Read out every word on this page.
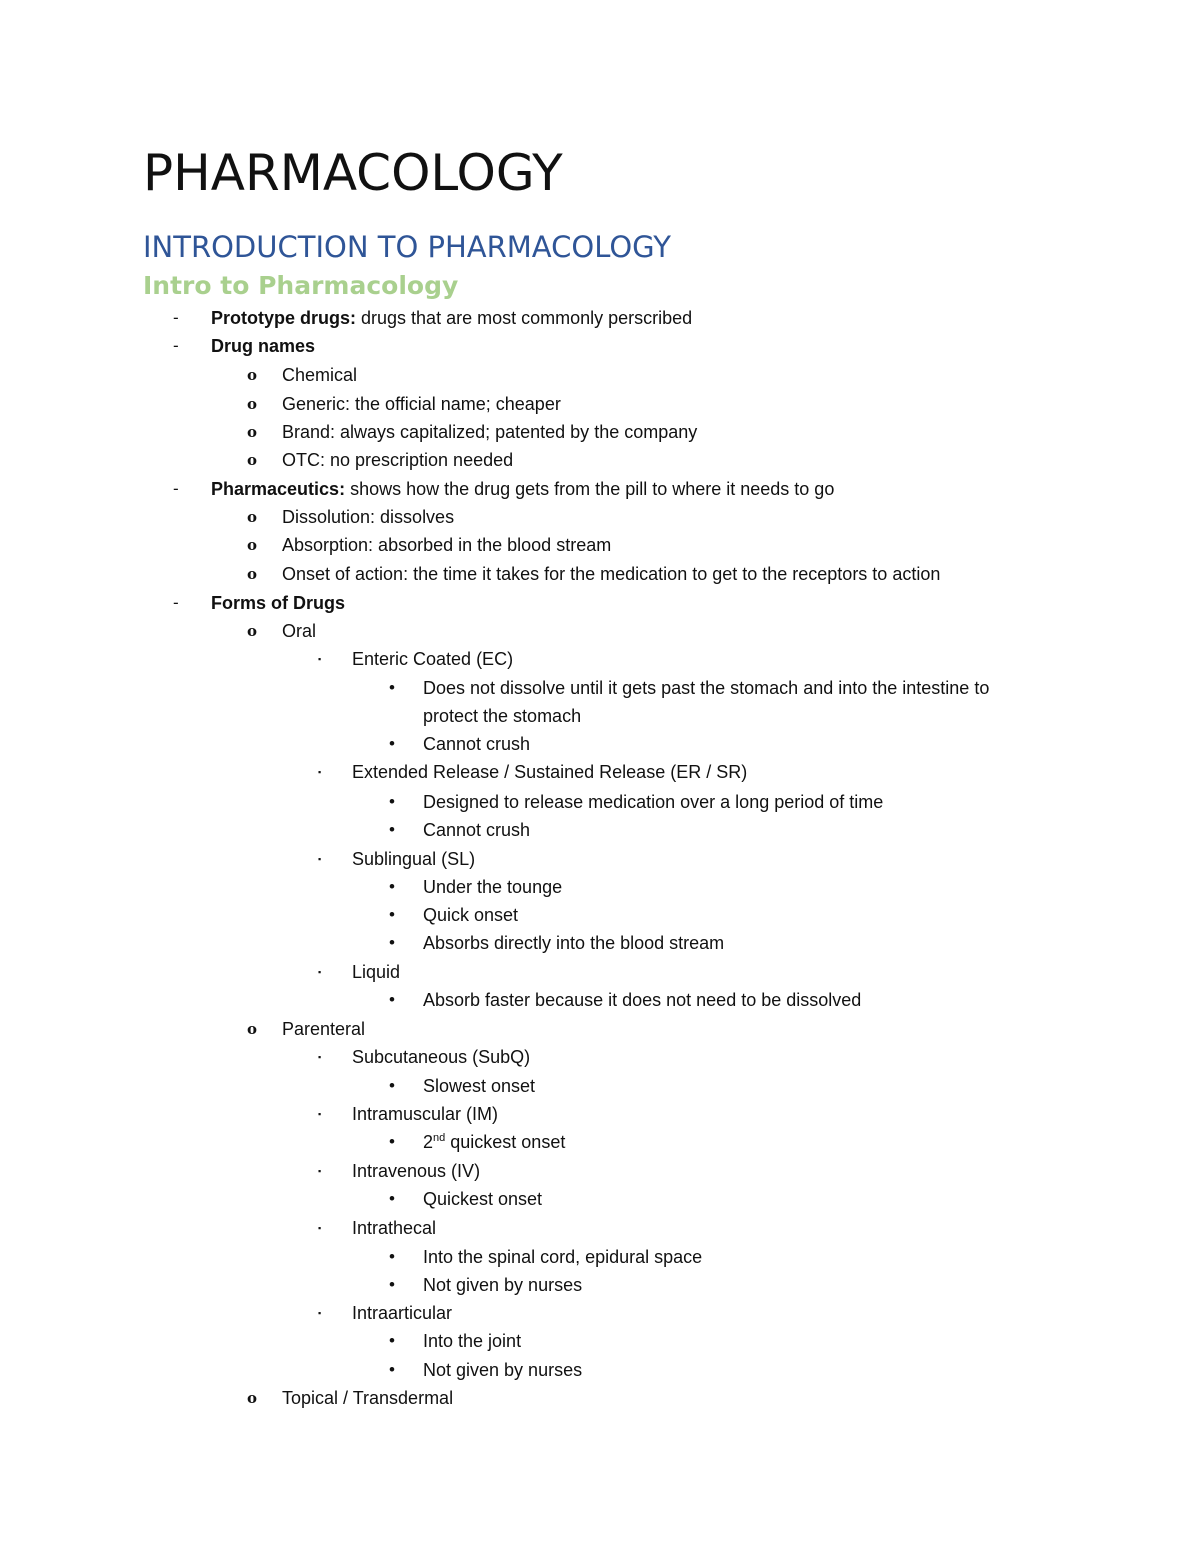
PHARMACOLOGY
INTRODUCTION TO PHARMACOLOGY
Intro to Pharmacology
- Prototype drugs: drugs that are most commonly perscribed
- Drug names
o Chemical
o Generic: the official name; cheaper
o Brand: always capitalized; patented by the company
o OTC: no prescription needed
- Pharmaceutics: shows how the drug gets from the pill to where it needs to go
o Dissolution: dissolves
o Absorption: absorbed in the blood stream
o Onset of action: the time it takes for the medication to get to the receptors to action
- Forms of Drugs
o Oral
▪ Enteric Coated (EC)
• Does not dissolve until it gets past the stomach and into the intestine to
protect the stomach
• Cannot crush
▪ Extended Release / Sustained Release (ER / SR)
• Designed to release medication over a long period of time
• Cannot crush
▪ Sublingual (SL)
• Under the tounge
• Quick onset
• Absorbs directly into the blood stream
▪ Liquid
• Absorb faster because it does not need to be dissolved
o Parenteral
▪ Subcutaneous (SubQ)
• Slowest onset
▪ Intramuscular (IM)
• 2nd quickest onset
▪ Intravenous (IV)
• Quickest onset
▪ Intrathecal
• Into the spinal cord, epidural space
• Not given by nurses
▪ Intraarticular
• Into the joint
• Not given by nurses
o Topical / Transdermal
